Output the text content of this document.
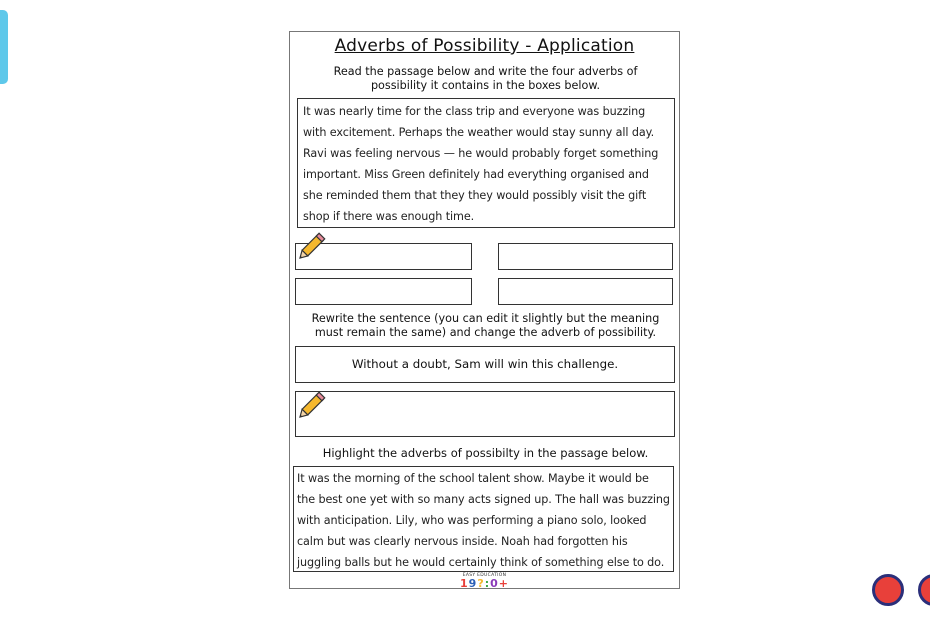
Adverbs of Possibility - Application
Read the passage below and write the four adverbs of possibility it contains in the boxes below.
It was nearly time for the class trip and everyone was buzzing with excitement. Perhaps the weather would stay sunny all day. Ravi was feeling nervous — he would probably forget something important. Miss Green definitely had everything organised and she reminded them that they they would possibly visit the gift shop if there was enough time.
Rewrite the sentence (you can edit it slightly but the meaning must remain the same) and change the adverb of possibility.
Without a doubt, Sam will win this challenge.
Highlight the adverbs of possibilty in the passage below.
It was the morning of the school talent show. Maybe it would be the best one yet with so many acts signed up. The hall was buzzing with anticipation. Lily, who was performing a piano solo, looked calm but was clearly nervous inside. Noah had forgotten his juggling balls but he would certainly think of something else to do.
EASY EDUCATION
19?:0+
